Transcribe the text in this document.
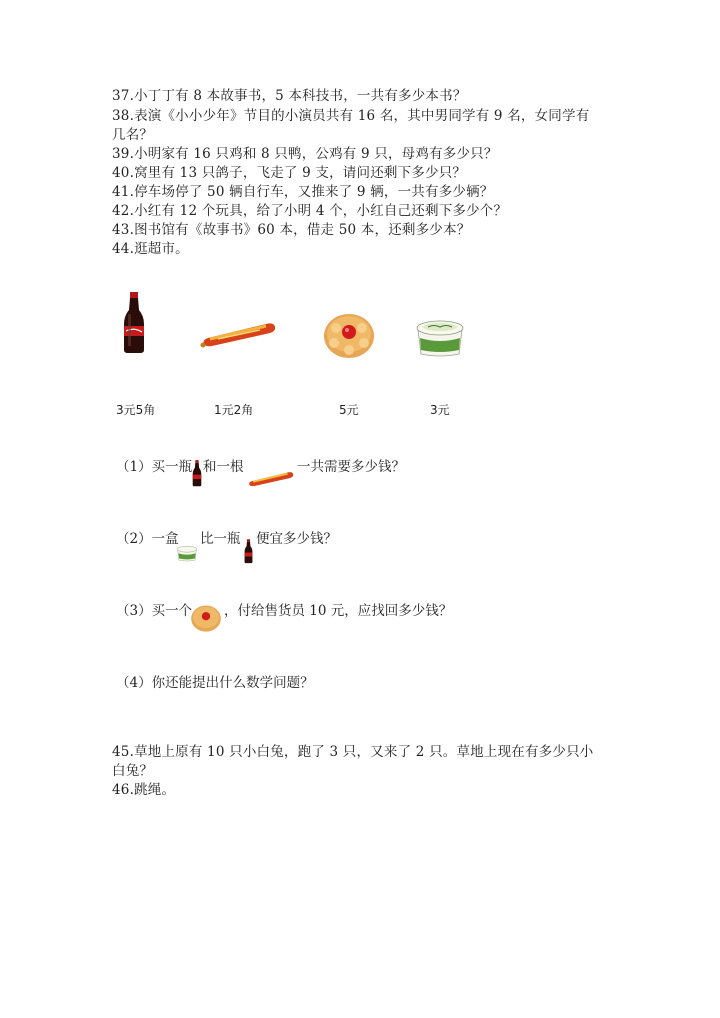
37.小丁丁有 8 本故事书，5 本科技书，一共有多少本书？
38.表演《小小少年》节目的小演员共有 16 名，其中男同学有 9 名，女同学有
几名？
39.小明家有 16 只鸡和 8 只鸭，公鸡有 9 只，母鸡有多少只？
40.窝里有 13 只鸽子，飞走了 9 支，请问还剩下多少只？
41.停车场停了 50 辆自行车，又推来了 9 辆，一共有多少辆？
42.小红有 12 个玩具，给了小明 4 个，小红自己还剩下多少个？
43.图书馆有《故事书》60 本，借走 50 本，还剩多少本？
44.逛超市。
3元5角	1元2角	5元	3元
（1）买一瓶 和一根	一共需要多少钱？
（2）一盒 比一瓶 便宜多少钱？
（3）买一个 ，付给售货员 10 元，应找回多少钱？
（4）你还能提出什么数学问题？
45.草地上原有 10 只小白兔，跑了 3 只，又来了 2 只。草地上现在有多少只小
白兔？
46.跳绳。
